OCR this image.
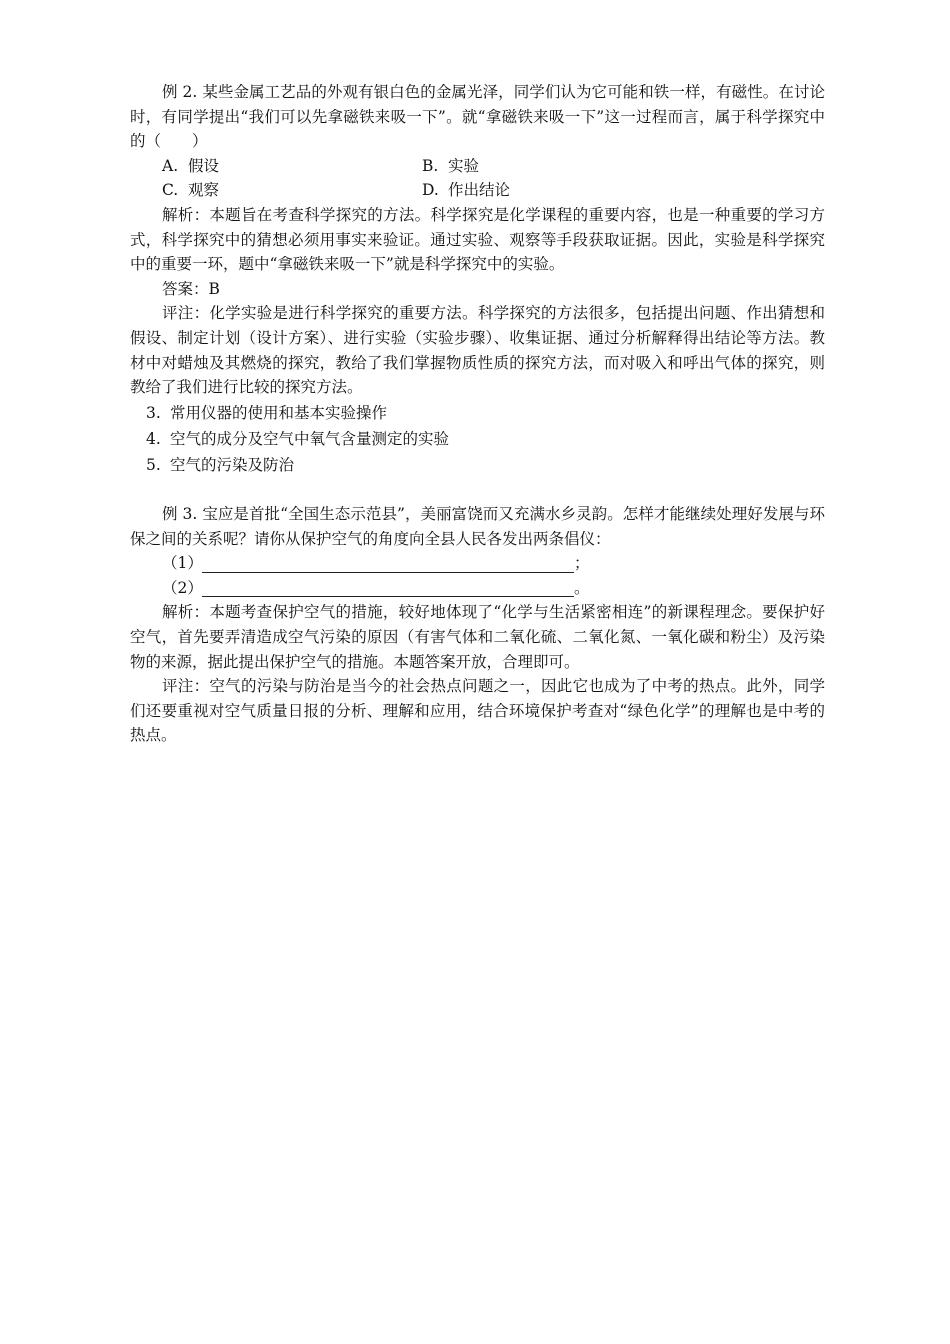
例 2. 某些金属工艺品的外观有银白色的金属光泽，同学们认为它可能和铁一样，有磁性。在讨论时，有同学提出“我们可以先拿磁铁来吸一下”。就“拿磁铁来吸一下”这一过程而言，属于科学探究中的（　　）

A. 假设	B. 实验
C. 观察	D. 作出结论

解析：本题旨在考查科学探究的方法。科学探究是化学课程的重要内容，也是一种重要的学习方式，科学探究中的猜想必须用事实来验证。通过实验、观察等手段获取证据。因此，实验是科学探究中的重要一环，题中“拿磁铁来吸一下”就是科学探究中的实验。

答案：B

评注：化学实验是进行科学探究的重要方法。科学探究的方法很多，包括提出问题、作出猜想和假设、制定计划（设计方案）、进行实验（实验步骤）、收集证据、通过分析解释得出结论等方法。教材中对蜡烛及其燃烧的探究，教给了我们掌握物质性质的探究方法，而对吸入和呼出气体的探究，则教给了我们进行比较的探究方法。

3. 常用仪器的使用和基本实验操作
4. 空气的成分及空气中氧气含量测定的实验
5. 空气的污染及防治

例 3. 宝应是首批“全国生态示范县”，美丽富饶而又充满水乡灵韵。怎样才能继续处理好发展与环保之间的关系呢？请你从保护空气的角度向全县人民各发出两条倡仪：

（1）	；
（2）	。

解析：本题考查保护空气的措施，较好地体现了“化学与生活紧密相连”的新课程理念。要保护好空气，首先要弄清造成空气污染的原因（有害气体和二氧化硫、二氧化氮、一氧化碳和粉尘）及污染物的来源，据此提出保护空气的措施。本题答案开放，合理即可。

评注：空气的污染与防治是当今的社会热点问题之一，因此它也成为了中考的热点。此外，同学们还要重视对空气质量日报的分析、理解和应用，结合环境保护考查对“绿色化学”的理解也是中考的热点。
